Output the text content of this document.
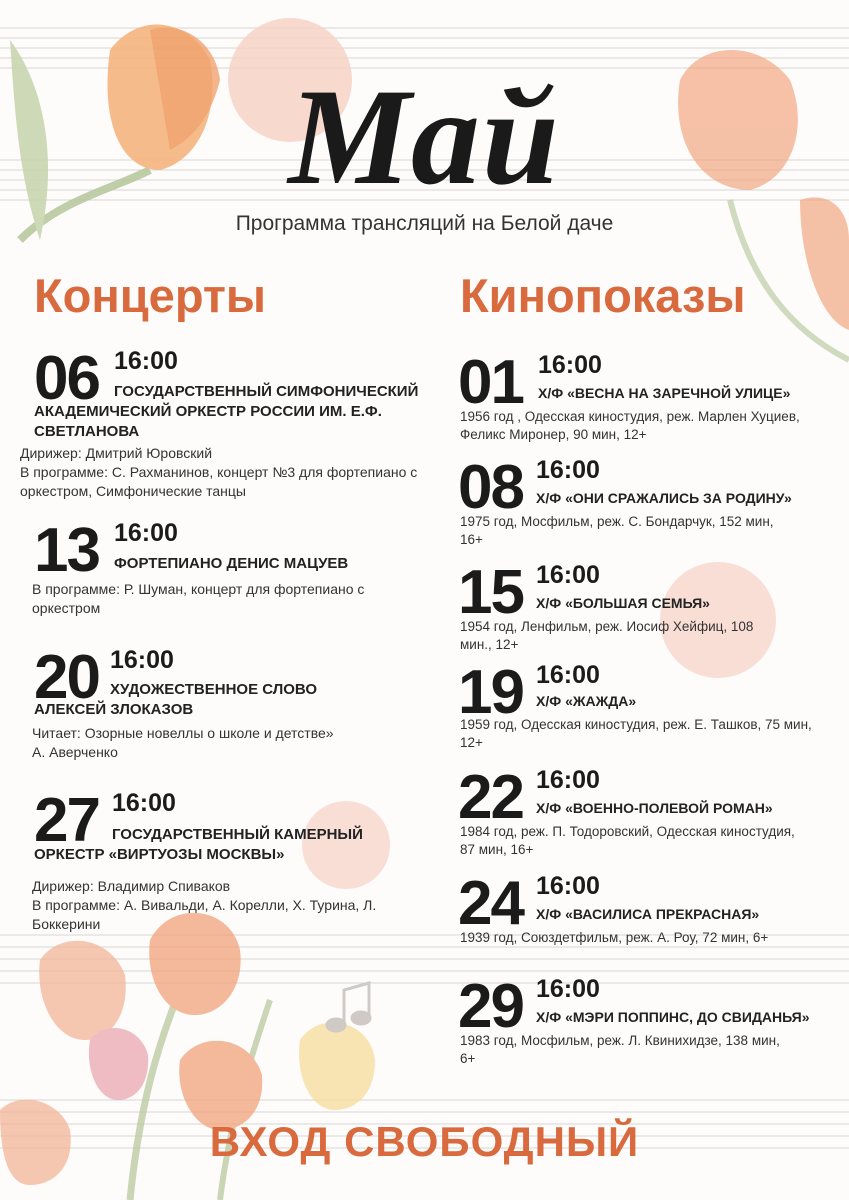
Май
Программа трансляций на Белой даче
Концерты	Кинопоказы
06 16:00
ГОСУДАРСТВЕННЫЙ СИМФОНИЧЕСКИЙ АКАДЕМИЧЕСКИЙ ОРКЕСТР РОССИИ ИМ. Е.Ф. СВЕТЛАНОВА
Дирижер: Дмитрий Юровский
В программе: С. Рахманинов, концерт №3 для фортепиано с оркестром, Симфонические танцы
13 16:00
ФОРТЕПИАНО ДЕНИС МАЦУЕВ
В программе: Р. Шуман, концерт для фортепиано с оркестром
20 16:00
ХУДОЖЕСТВЕННОЕ СЛОВО АЛЕКСЕЙ ЗЛОКАЗОВ
Читает: Озорные новеллы о школе и детстве»
А. Аверченко
27 16:00
ГОСУДАРСТВЕННЫЙ КАМЕРНЫЙ ОРКЕСТР «ВИРТУОЗЫ МОСКВЫ»
Дирижер: Владимир Спиваков
В программе: А. Вивальди, А. Корелли, Х. Турина, Л. Боккерини
01 16:00
Х/Ф «ВЕСНА НА ЗАРЕЧНОЙ УЛИЦЕ»
1956 год , Одесская киностудия, реж. Марлен Хуциев, Феликс Миронер, 90 мин, 12+
08 16:00
Х/Ф «ОНИ СРАЖАЛИСЬ ЗА РОДИНУ»
1975 год, Мосфильм, реж. С. Бондарчук, 152 мин, 16+
15 16:00
Х/Ф «БОЛЬШАЯ СЕМЬЯ»
1954 год, Ленфильм, реж. Иосиф Хейфиц, 108 мин., 12+
19 16:00
Х/Ф «ЖАЖДА»
1959 год, Одесская киностудия, реж. Е. Ташков, 75 мин, 12+
22 16:00
Х/Ф «ВОЕННО-ПОЛЕВОЙ РОМАН»
1984 год, реж. П. Тодоровский, Одесская киностудия, 87 мин, 16+
24 16:00
Х/Ф «ВАСИЛИСА ПРЕКРАСНАЯ»
1939 год, Союздетфильм, реж. А. Роу, 72 мин, 6+
29 16:00
Х/Ф «МЭРИ ПОППИНС, ДО СВИДАНЬЯ»
1983 год, Мосфильм, реж. Л. Квинихидзе, 138 мин, 6+
ВХОД СВОБОДНЫЙ
